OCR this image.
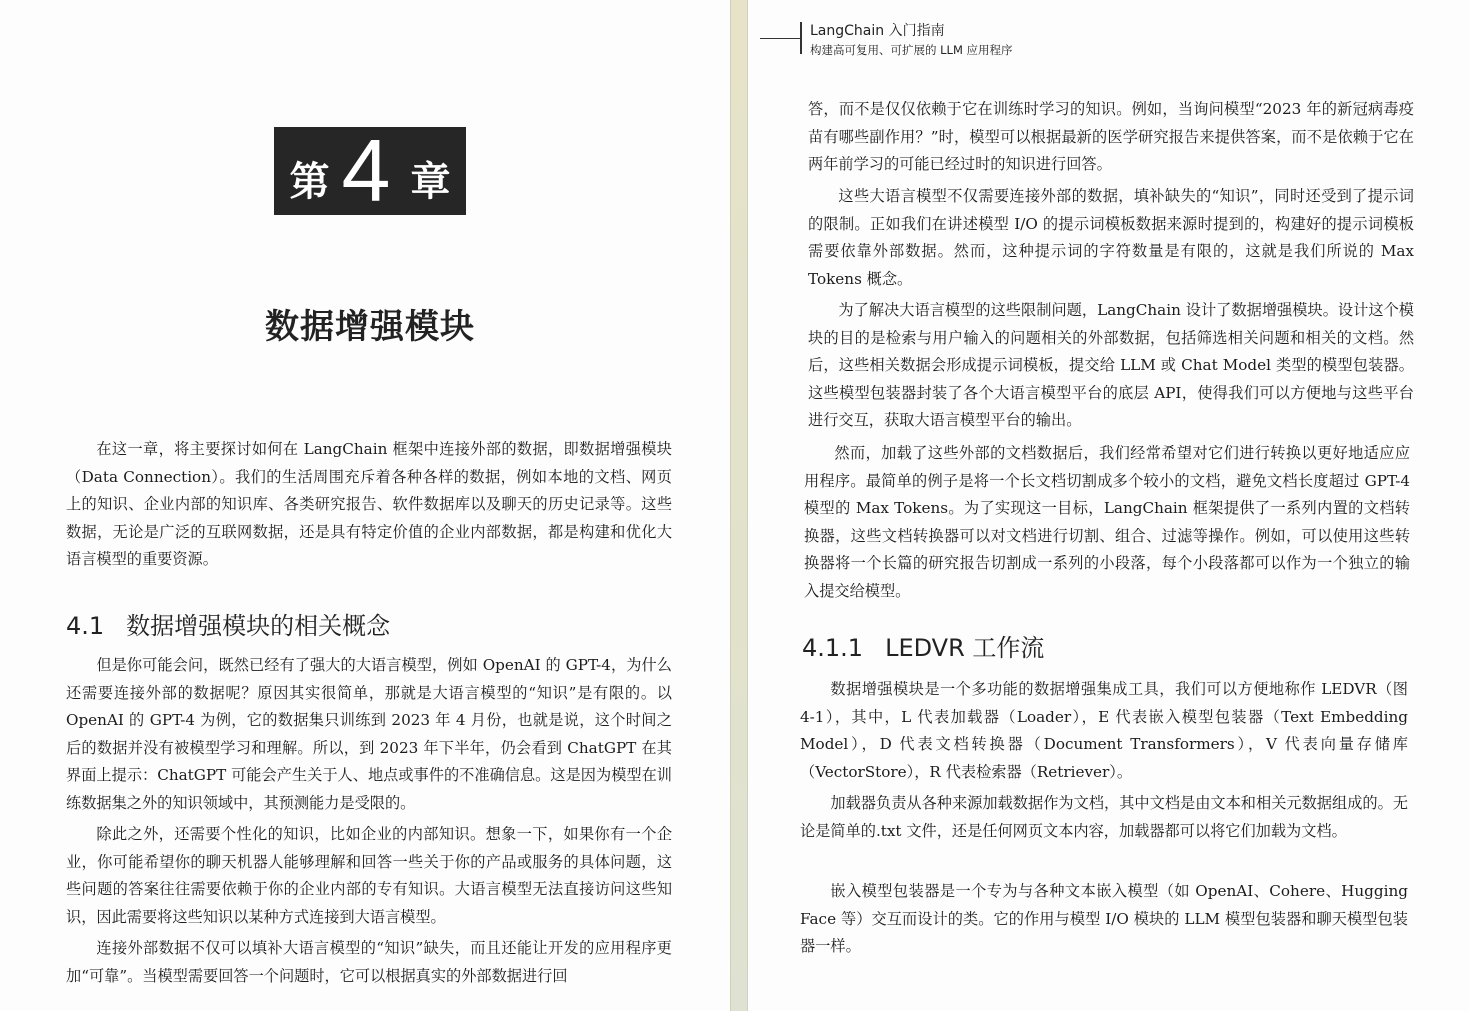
第 4 章
数据增强模块

在这一章，将主要探讨如何在 LangChain 框架中连接外部的数据，即数据增强模块（Data Connection）。我们的生活周围充斥着各种各样的数据，例如本地的文档、网页上的知识、企业内部的知识库、各类研究报告、软件数据库以及聊天的历史记录等。这些数据，无论是广泛的互联网数据，还是具有特定价值的企业内部数据，都是构建和优化大语言模型的重要资源。

4.1 数据增强模块的相关概念

但是你可能会问，既然已经有了强大的大语言模型，例如 OpenAI 的 GPT-4，为什么还需要连接外部的数据呢？原因其实很简单，那就是大语言模型的“知识”是有限的。以 OpenAI 的 GPT-4 为例，它的数据集只训练到 2023 年 4 月份，也就是说，这个时间之后的数据并没有被模型学习和理解。所以，到 2023 年下半年，仍会看到 ChatGPT 在其界面上提示：ChatGPT 可能会产生关于人、地点或事件的不准确信息。这是因为模型在训练数据集之外的知识领域中，其预测能力是受限的。

除此之外，还需要个性化的知识，比如企业的内部知识。想象一下，如果你有一个企业，你可能希望你的聊天机器人能够理解和回答一些关于你的产品或服务的具体问题，这些问题的答案往往需要依赖于你的企业内部的专有知识。大语言模型无法直接访问这些知识，因此需要将这些知识以某种方式连接到大语言模型。

连接外部数据不仅可以填补大语言模型的“知识”缺失，而且还能让开发的应用程序更加“可靠”。当模型需要回答一个问题时，它可以根据真实的外部数据进行回

LangChain 入门指南
构建高可复用、可扩展的 LLM 应用程序

答，而不是仅仅依赖于它在训练时学习的知识。例如，当询问模型“2023 年的新冠病毒疫苗有哪些副作用？”时，模型可以根据最新的医学研究报告来提供答案，而不是依赖于它在两年前学习的可能已经过时的知识进行回答。

这些大语言模型不仅需要连接外部的数据，填补缺失的“知识”，同时还受到了提示词的限制。正如我们在讲述模型 I/O 的提示词模板数据来源时提到的，构建好的提示词模板需要依靠外部数据。然而，这种提示词的字符数量是有限的，这就是我们所说的 Max Tokens 概念。

为了解决大语言模型的这些限制问题，LangChain 设计了数据增强模块。设计这个模块的目的是检索与用户输入的问题相关的外部数据，包括筛选相关问题和相关的文档。然后，这些相关数据会形成提示词模板，提交给 LLM 或 Chat Model 类型的模型包装器。这些模型包装器封装了各个大语言模型平台的底层 API，使得我们可以方便地与这些平台进行交互，获取大语言模型平台的输出。

然而，加载了这些外部的文档数据后，我们经常希望对它们进行转换以更好地适应应用程序。最简单的例子是将一个长文档切割成多个较小的文档，避免文档长度超过 GPT-4 模型的 Max Tokens。为了实现这一目标，LangChain 框架提供了一系列内置的文档转换器，这些文档转换器可以对文档进行切割、组合、过滤等操作。例如，可以使用这些转换器将一个长篇的研究报告切割成一系列的小段落，每个小段落都可以作为一个独立的输入提交给模型。

4.1.1 LEDVR 工作流

数据增强模块是一个多功能的数据增强集成工具，我们可以方便地称作 LEDVR（图 4-1），其中，L 代表加载器（Loader），E 代表嵌入模型包装器（Text Embedding Model），D 代表文档转换器（Document Transformers），V 代表向量存储库（VectorStore），R 代表检索器（Retriever）。

加载器负责从各种来源加载数据作为文档，其中文档是由文本和相关元数据组成的。无论是简单的.txt 文件，还是任何网页文本内容，加载器都可以将它们加载为文档。

嵌入模型包装器是一个专为与各种文本嵌入模型（如 OpenAI、Cohere、Hugging Face 等）交互而设计的类。它的作用与模型 I/O 模块的 LLM 模型包装器和聊天模型包装器一样。
